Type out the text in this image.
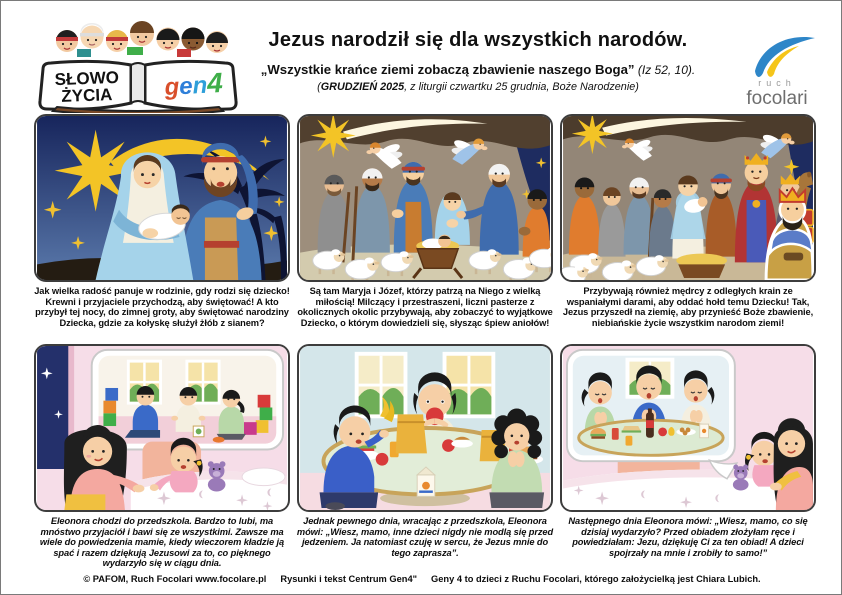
SŁOWO
ŻYCIA gen4
Jezus narodził się dla wszystkich narodów.
„Wszystkie krańce ziemi zobaczą zbawienie naszego Boga” (Iz 52, 10).
(GRUDZIEŃ 2025, z liturgii czwartku 25 grudnia, Boże Narodzenie)	ruch
focolari
Jak wielka radość panuje w rodzinie, gdy rodzi się dziecko! Krewni i przyjaciele przychodzą, aby świętować! A kto przybył tej nocy, do zimnej groty, aby świętować narodziny Dziecka, gdzie za kołyskę służył żłób z sianem?
Są tam Maryja i Józef, którzy patrzą na Niego z wielką miłością! Milczący i przestraszeni, liczni pasterze z okolicznych okolic przybywają, aby zobaczyć to wyjątkowe Dziecko, o którym dowiedzieli się, słysząc śpiew aniołów!
Przybywają również mędrcy z odległych krain ze wspaniałymi darami, aby oddać hołd temu Dziecku! Tak, Jezus przyszedł na ziemię, aby przynieść Boże zbawienie, niebiańskie życie wszystkim narodom ziemi!
Eleonora chodzi do przedszkola. Bardzo to lubi, ma mnóstwo przyjaciół i bawi się ze wszystkimi. Zawsze ma wiele do powiedzenia mamie, kiedy wieczorem kładzie ją spać i razem dziękują Jezusowi za to, co pięknego wydarzyło się w ciągu dnia.
Jednak pewnego dnia, wracając z przedszkola, Eleonora mówi: „Wiesz, mamo, inne dzieci nigdy nie modlą się przed jedzeniem. Ja natomiast czuję w sercu, że Jezus mnie do tego zaprasza”.
Następnego dnia Eleonora mówi: „Wiesz, mamo, co się dzisiaj wydarzyło? Przed obiadem złożyłam ręce i powiedziałam: Jezu, dziękuję Ci za ten obiad! A dzieci spojrzały na mnie i zrobiły to samo!”
© PAFOM, Ruch Focolari www.focolare.pl Rysunki i tekst Centrum Gen4" Geny 4 to dzieci z Ruchu Focolari, którego założycielką jest Chiara Lubich.
